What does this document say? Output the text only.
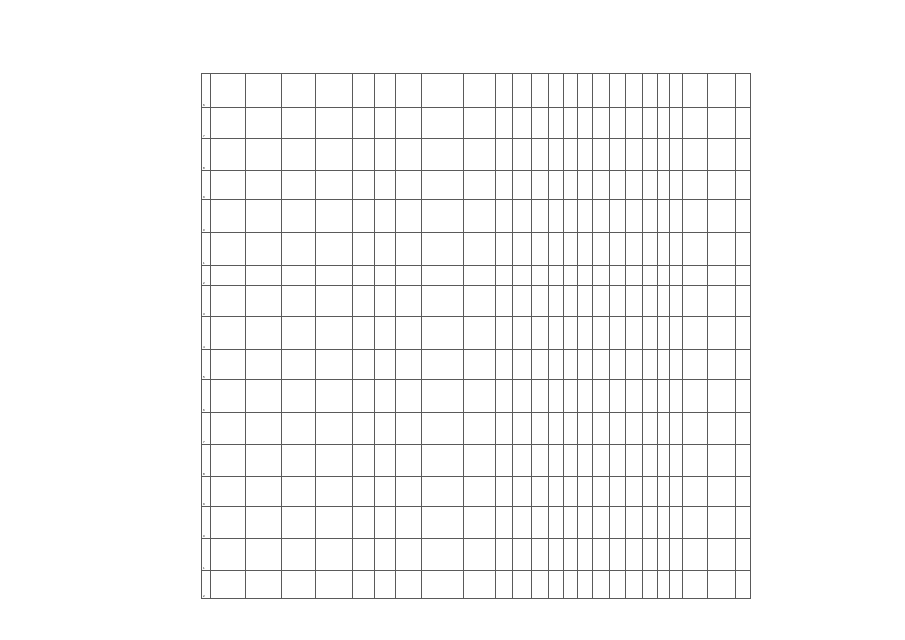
6																								
7																								
8																								
9																								
0																								
1																								
2																								
3																								
4																								
5																								
6																								
7																								
8																								
9																								
0																								
1																								
2																								
